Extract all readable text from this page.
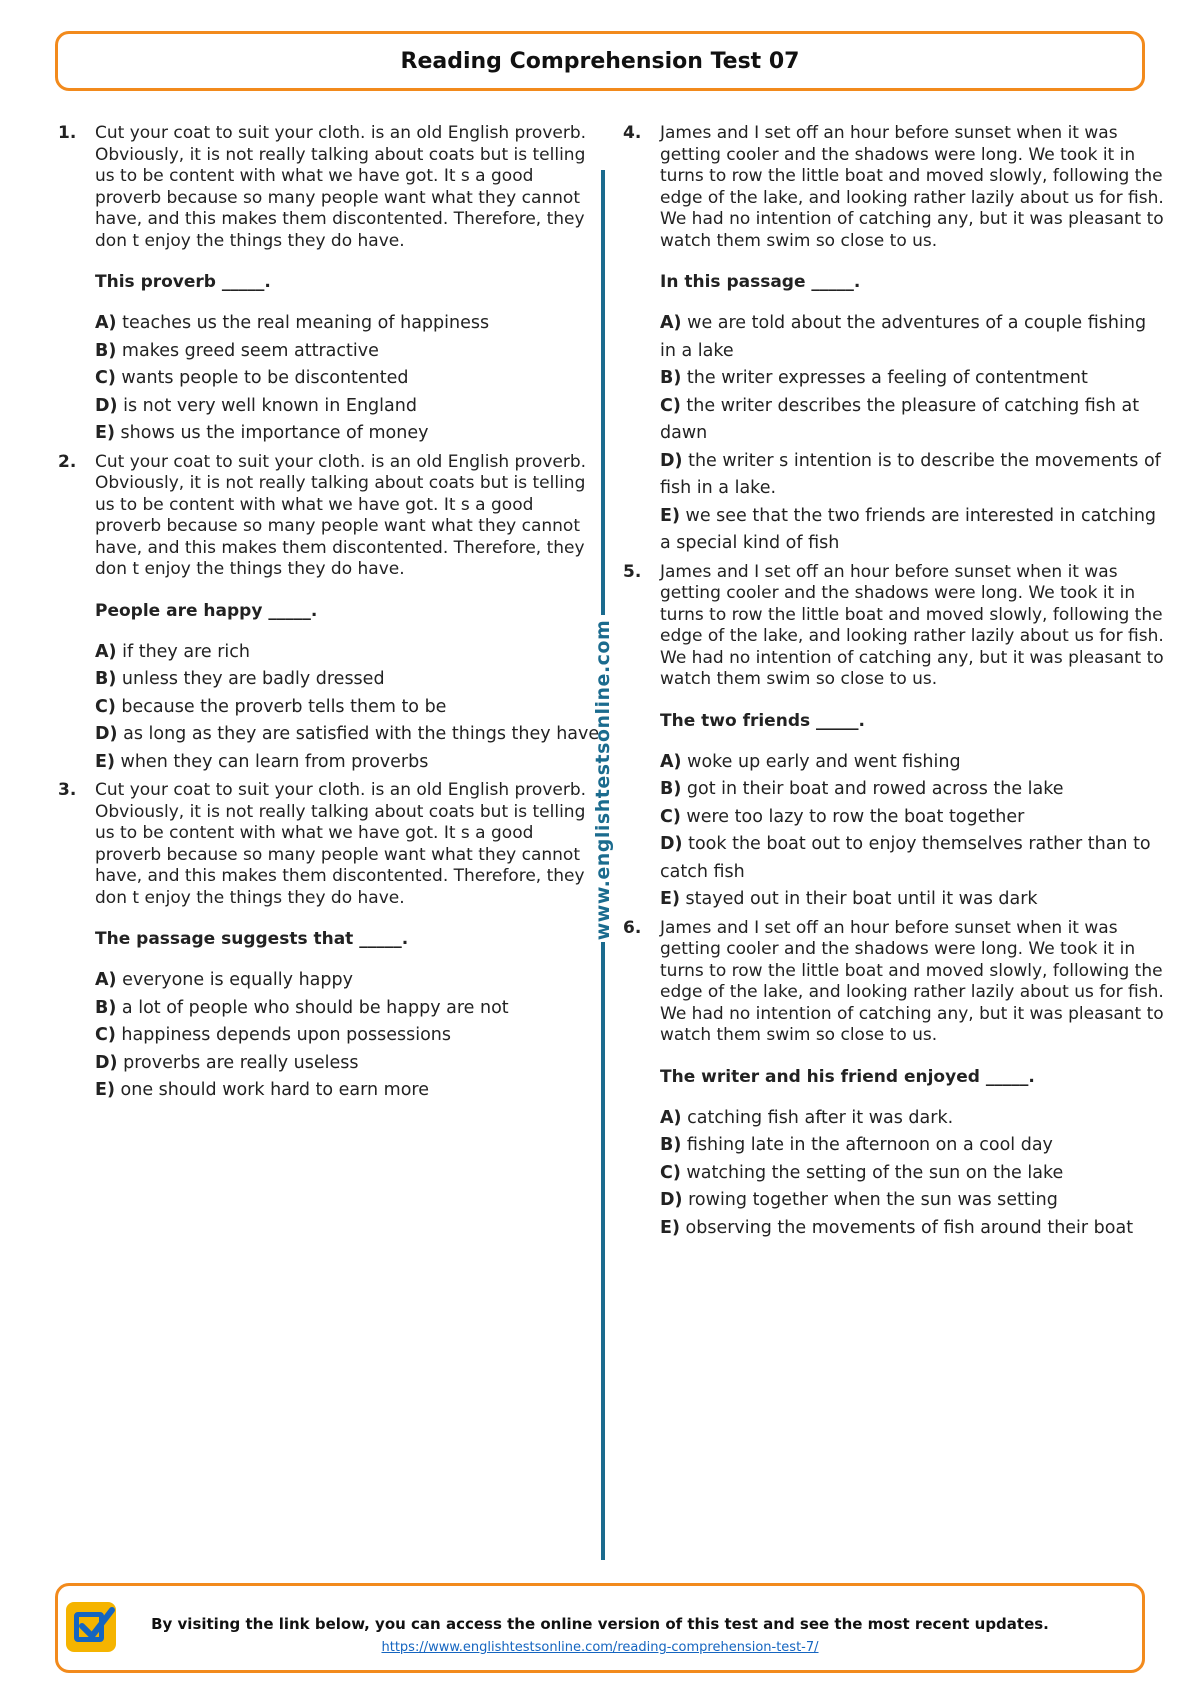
Reading Comprehension Test 07
www.englishtestsonline.com
1. Cut your coat to suit your cloth. is an old English proverb. Obviously, it is not really talking about coats but is telling us to be content with what we have got. It s a good proverb because so many people want what they cannot have, and this makes them discontented. Therefore, they don t enjoy the things they do have.

This proverb _____.

A) teaches us the real meaning of happiness
B) makes greed seem attractive
C) wants people to be discontented
D) is not very well known in England
E) shows us the importance of money
2. Cut your coat to suit your cloth. is an old English proverb. Obviously, it is not really talking about coats but is telling us to be content with what we have got. It s a good proverb because so many people want what they cannot have, and this makes them discontented. Therefore, they don t enjoy the things they do have.

People are happy _____.

A) if they are rich
B) unless they are badly dressed
C) because the proverb tells them to be
D) as long as they are satisfied with the things they have
E) when they can learn from proverbs
3. Cut your coat to suit your cloth. is an old English proverb. Obviously, it is not really talking about coats but is telling us to be content with what we have got. It s a good proverb because so many people want what they cannot have, and this makes them discontented. Therefore, they don t enjoy the things they do have.

The passage suggests that _____.

A) everyone is equally happy
B) a lot of people who should be happy are not
C) happiness depends upon possessions
D) proverbs are really useless
E) one should work hard to earn more
4. James and I set off an hour before sunset when it was getting cooler and the shadows were long. We took it in turns to row the little boat and moved slowly, following the edge of the lake, and looking rather lazily about us for fish. We had no intention of catching any, but it was pleasant to watch them swim so close to us.

In this passage _____.

A) we are told about the adventures of a couple fishing in a lake
B) the writer expresses a feeling of contentment
C) the writer describes the pleasure of catching fish at dawn
D) the writer s intention is to describe the movements of fish in a lake.
E) we see that the two friends are interested in catching a special kind of fish
5. James and I set off an hour before sunset when it was getting cooler and the shadows were long. We took it in turns to row the little boat and moved slowly, following the edge of the lake, and looking rather lazily about us for fish. We had no intention of catching any, but it was pleasant to watch them swim so close to us.

The two friends _____.

A) woke up early and went fishing
B) got in their boat and rowed across the lake
C) were too lazy to row the boat together
D) took the boat out to enjoy themselves rather than to catch fish
E) stayed out in their boat until it was dark
6. James and I set off an hour before sunset when it was getting cooler and the shadows were long. We took it in turns to row the little boat and moved slowly, following the edge of the lake, and looking rather lazily about us for fish. We had no intention of catching any, but it was pleasant to watch them swim so close to us.

The writer and his friend enjoyed _____.

A) catching fish after it was dark.
B) fishing late in the afternoon on a cool day
C) watching the setting of the sun on the lake
D) rowing together when the sun was setting
E) observing the movements of fish around their boat
By visiting the link below, you can access the online version of this test and see the most recent updates.
https://www.englishtestsonline.com/reading-comprehension-test-7/
